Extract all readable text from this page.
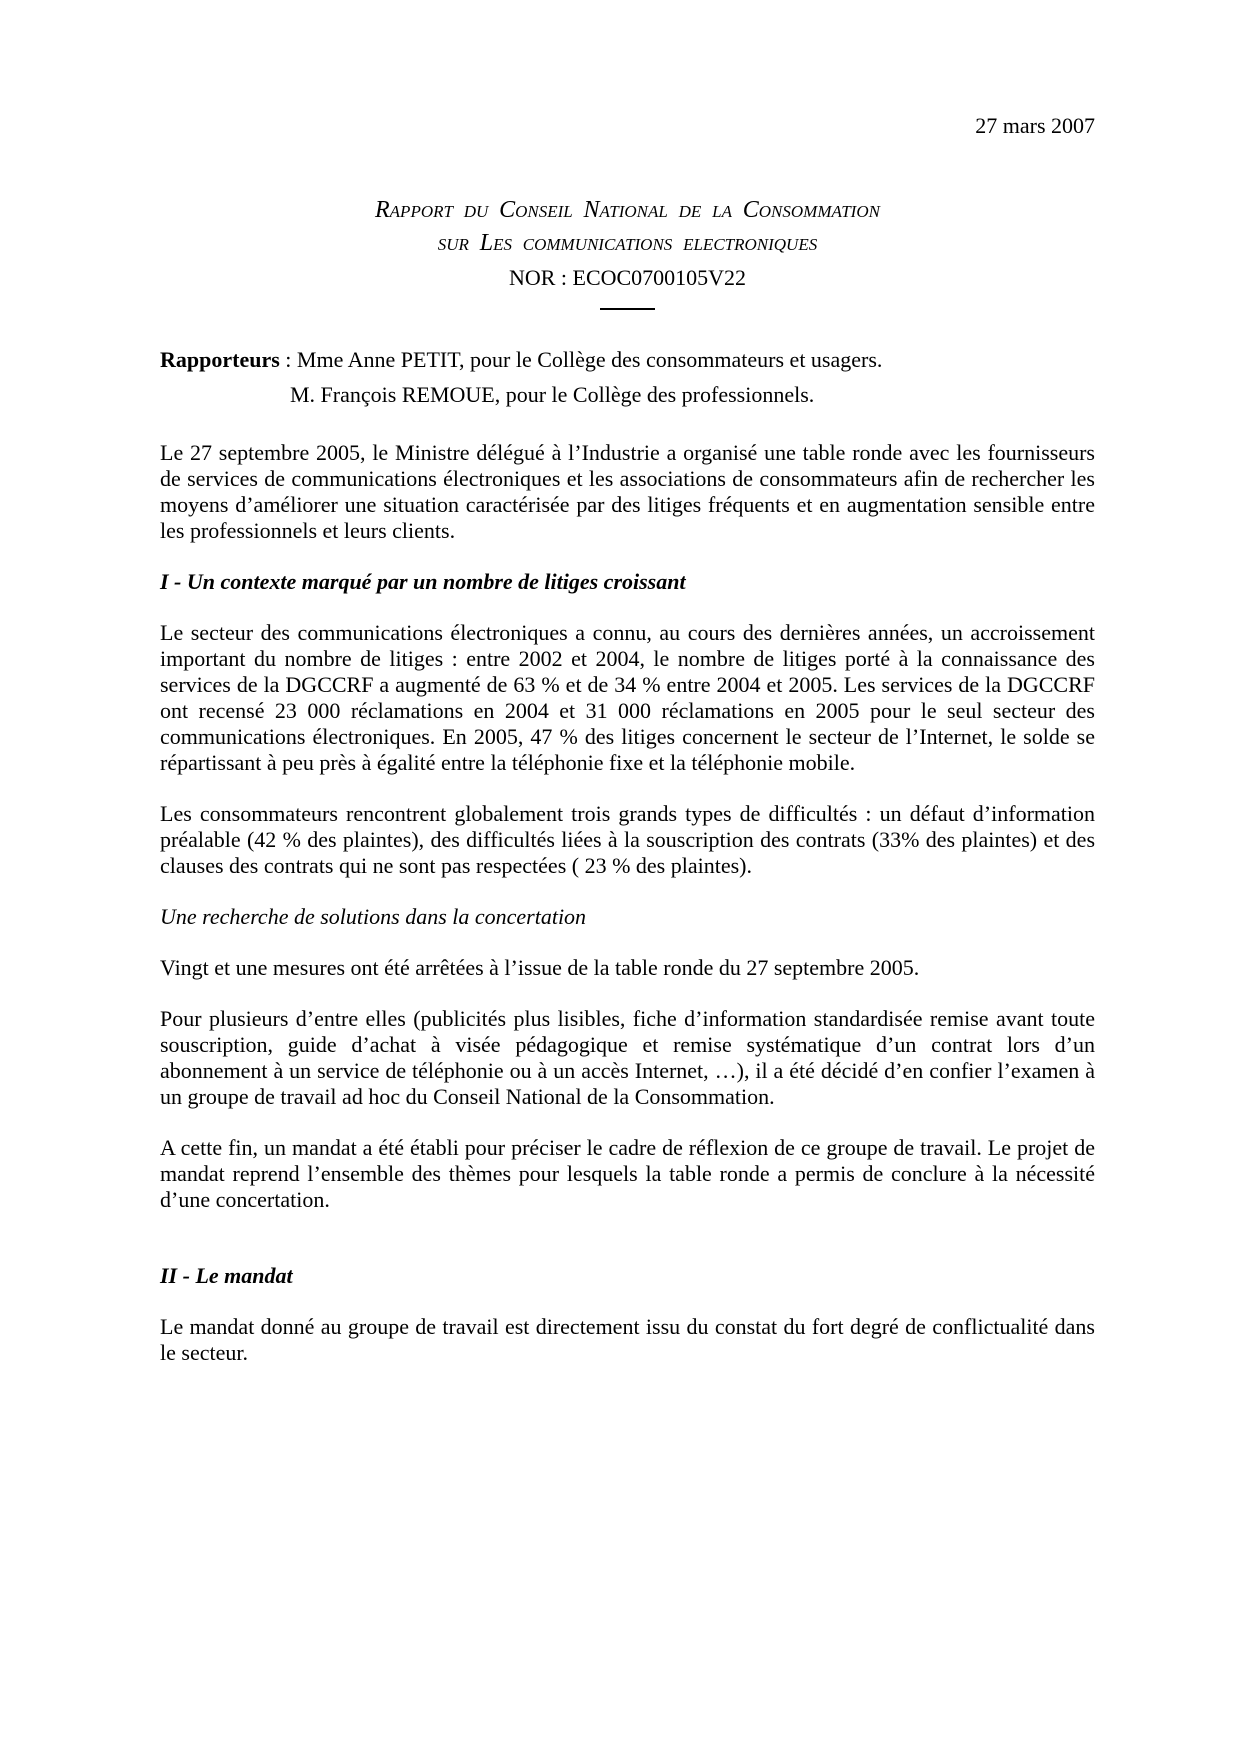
27 mars 2007
Rapport du Conseil National de la Consommation
sur Les communications electroniques
NOR : ECOC0700105V22
Rapporteurs : Mme Anne PETIT, pour le Collège des consommateurs et usagers.
M. François REMOUE, pour le Collège des professionnels.

Le 27 septembre 2005, le Ministre délégué à l’Industrie a organisé une table ronde avec les fournisseurs de services de communications électroniques et les associations de consommateurs afin de rechercher les moyens d’améliorer une situation caractérisée par des litiges fréquents et en augmentation sensible entre les professionnels et leurs clients.

I - Un contexte marqué par un nombre de litiges croissant

Le secteur des communications électroniques a connu, au cours des dernières années, un accroissement important du nombre de litiges : entre 2002 et 2004, le nombre de litiges porté à la connaissance des services de la DGCCRF a augmenté de 63 % et de 34 % entre 2004 et 2005. Les services de la DGCCRF ont recensé 23 000 réclamations en 2004 et 31 000 réclamations en 2005 pour le seul secteur des communications électroniques. En 2005, 47 % des litiges concernent le secteur de l’Internet, le solde se répartissant à peu près à égalité entre la téléphonie fixe et la téléphonie mobile.

Les consommateurs rencontrent globalement trois grands types de difficultés : un défaut d’information préalable (42 % des plaintes), des difficultés liées à la souscription des contrats (33% des plaintes) et des clauses des contrats qui ne sont pas respectées ( 23 % des plaintes).

Une recherche de solutions dans la concertation

Vingt et une mesures ont été arrêtées à l’issue de la table ronde du 27 septembre 2005.

Pour plusieurs d’entre elles (publicités plus lisibles, fiche d’information standardisée remise avant toute souscription, guide d’achat à visée pédagogique et remise systématique d’un contrat lors d’un abonnement à un service de téléphonie ou à un accès Internet, …), il a été décidé d’en confier l’examen à un groupe de travail ad hoc du Conseil National de la Consommation.

A cette fin, un mandat a été établi pour préciser le cadre de réflexion de ce groupe de travail. Le projet de mandat reprend l’ensemble des thèmes pour lesquels la table ronde a permis de conclure à la nécessité d’une concertation.

II - Le mandat

Le mandat donné au groupe de travail est directement issu du constat du fort degré de conflictualité dans le secteur.
